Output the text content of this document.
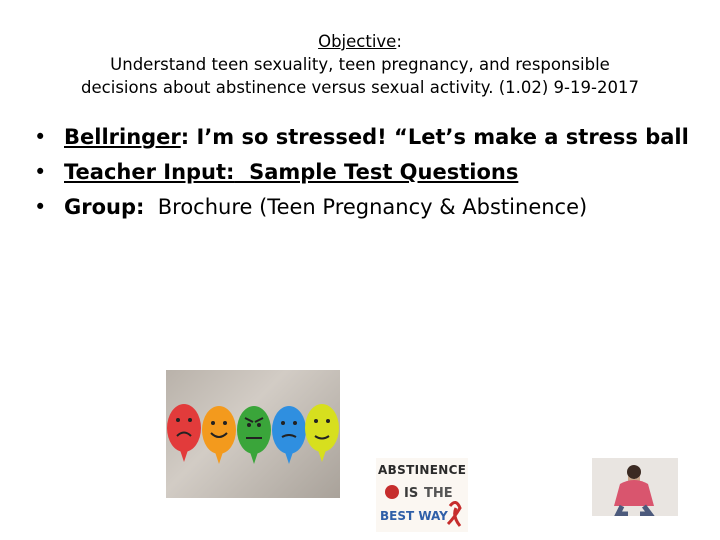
Objective:
Understand teen sexuality, teen pregnancy, and responsible
decisions about abstinence versus sexual activity. (1.02) 9-19-2017
• Bellringer: I’m so stressed! “Let’s make a stress ball
• Teacher Input:  Sample Test Questions
• Group:  Brochure (Teen Pregnancy & Abstinence)
ABSTINENCE
IS THE
BEST WAY
